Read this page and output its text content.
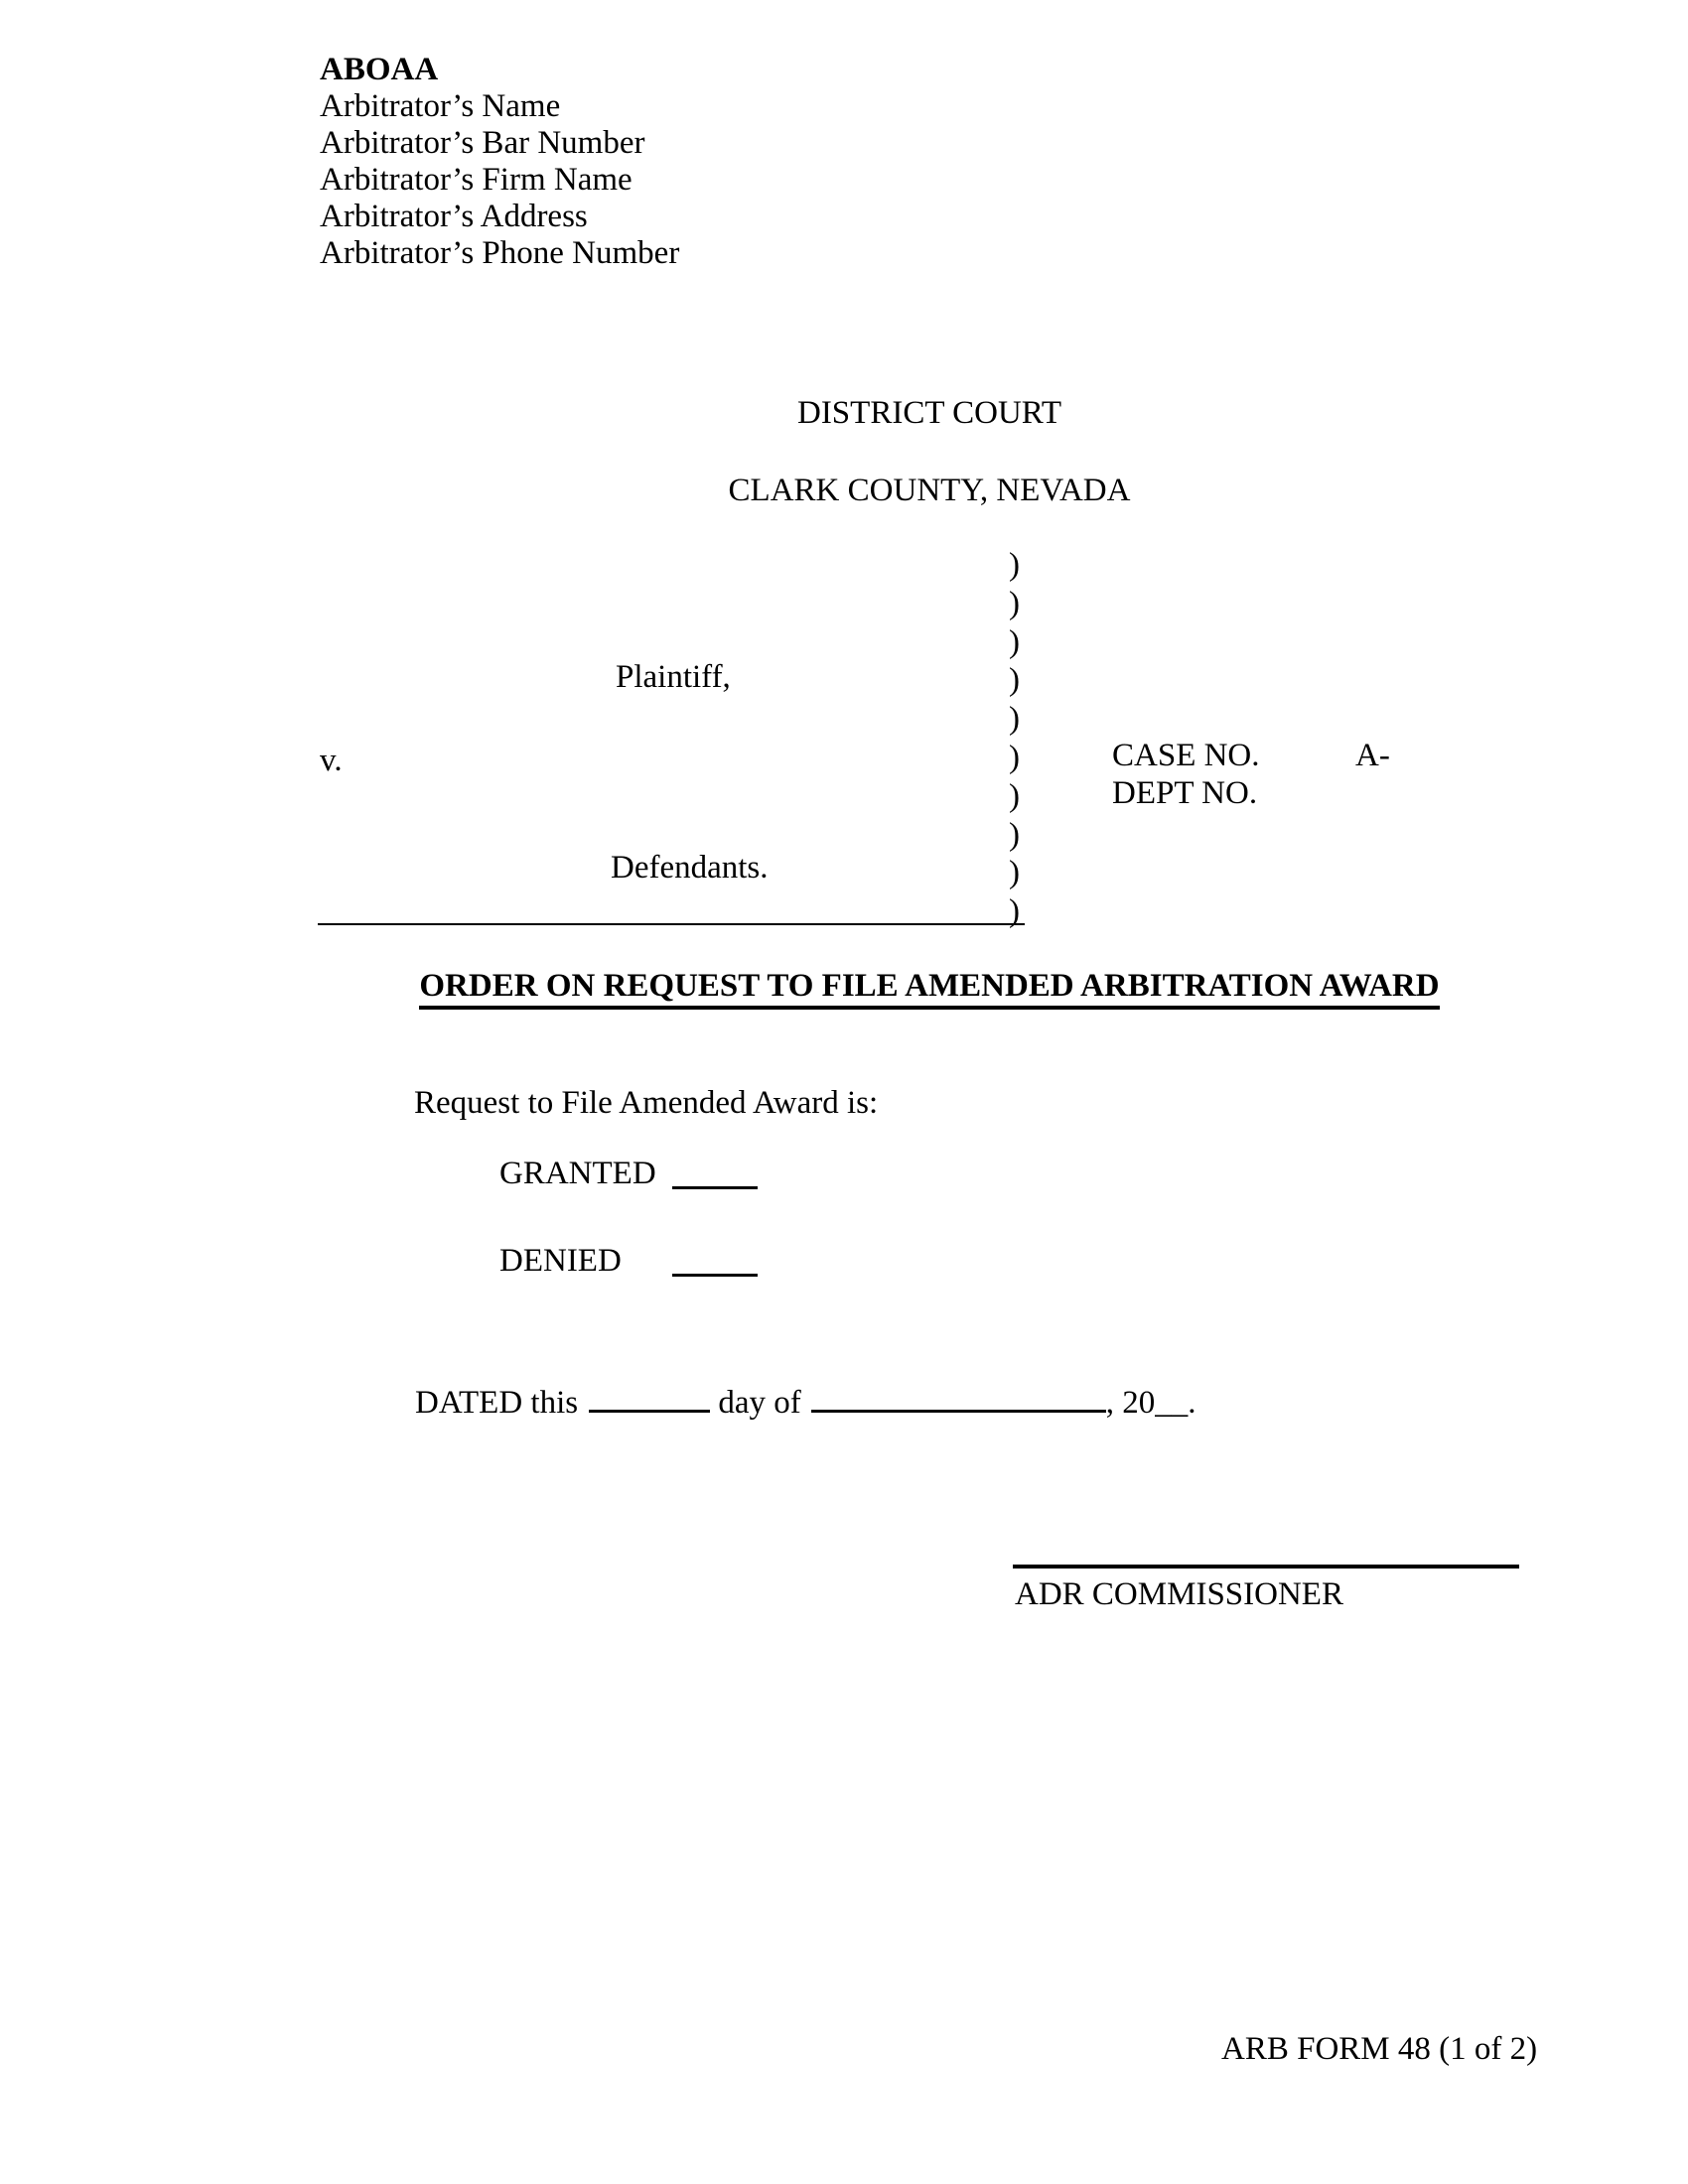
ABOAA
Arbitrator’s Name
Arbitrator’s Bar Number
Arbitrator’s Firm Name
Arbitrator’s Address
Arbitrator’s Phone Number
DISTRICT COURT
CLARK COUNTY, NEVADA
)
)
)
)
)
)
)
)
)
)
Plaintiff,
v.	CASE NO.	A-
DEPT NO.
Defendants.
ORDER ON REQUEST TO FILE AMENDED ARBITRATION AWARD
Request to File Amended Award is:
GRANTED
DENIED
DATED this	day of	, 20__.
ADR COMMISSIONER
ARB FORM 48 (1 of 2)
